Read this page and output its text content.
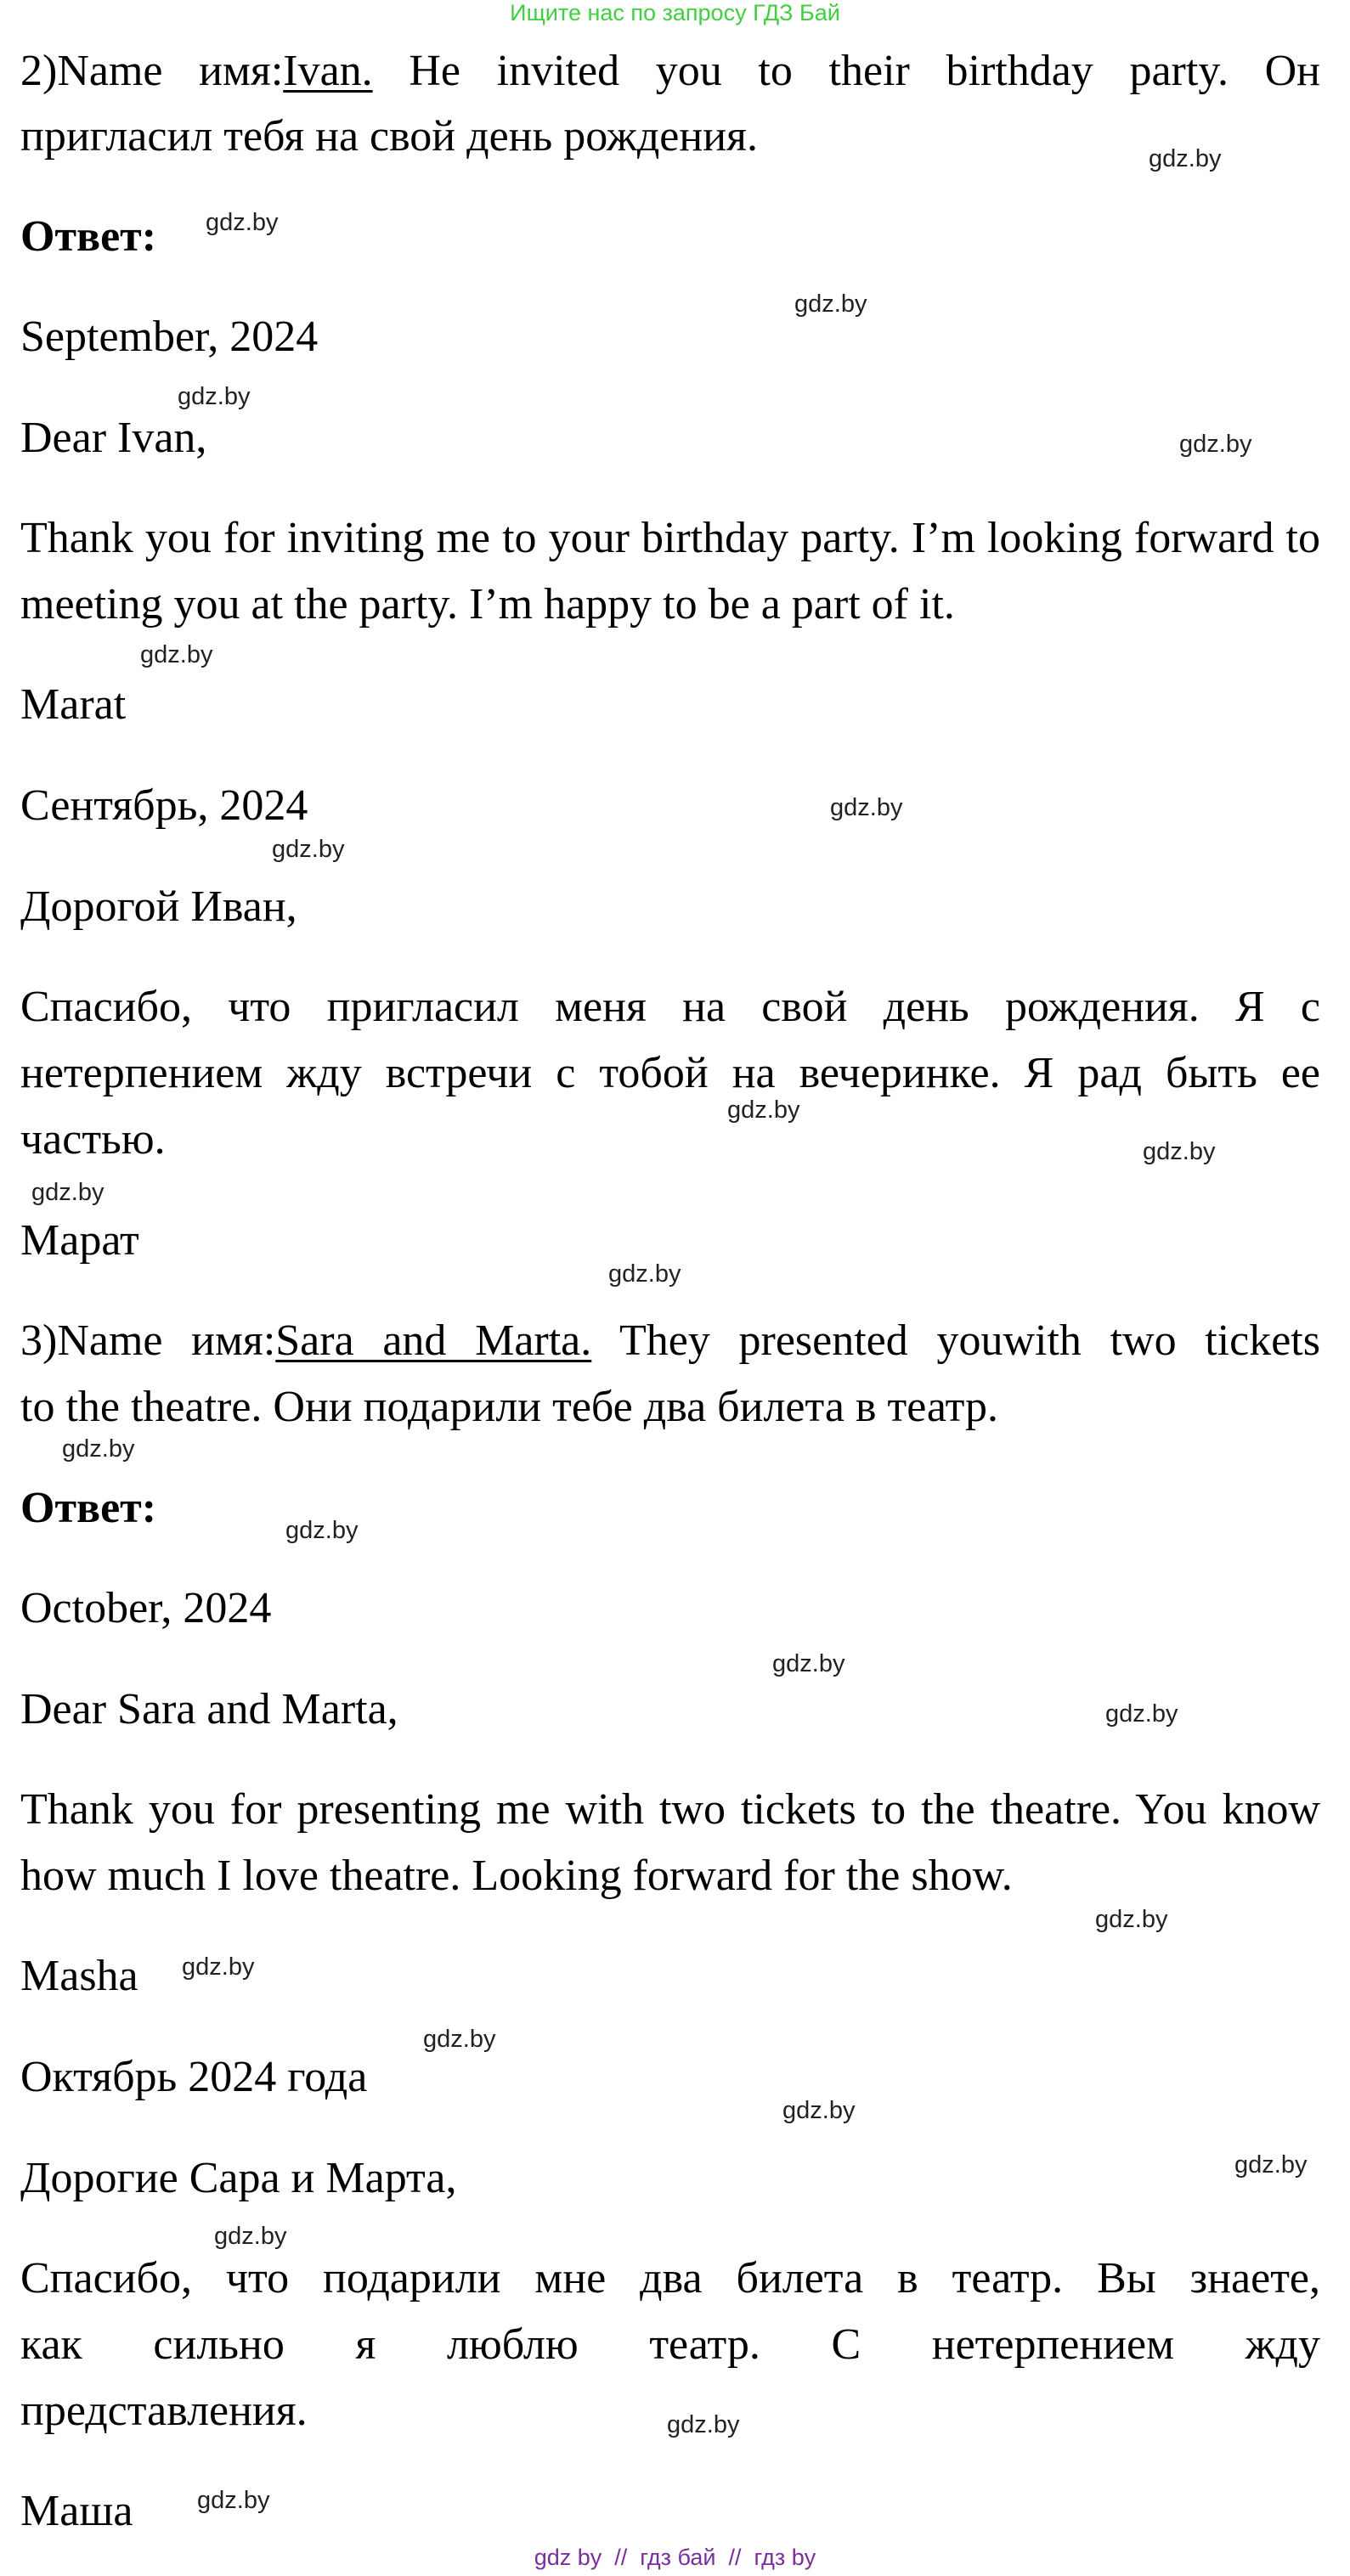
Ищите нас по запросу ГДЗ Бай
2)Name имя:Ivan. He invited you to their birthday party. Он
пригласил тебя на свой день рождения.
Ответ:
September, 2024
Dear Ivan,
Thank you for inviting me to your birthday party. I’m looking forward to meeting you at the party. I’m happy to be a part of it.
Marat
Сентябрь, 2024
Дорогой Иван,
Спасибо, что пригласил меня на свой день рождения. Я с нетерпением жду встречи с тобой на вечеринке. Я рад быть ее частью.
Марат
3)Name имя:Sara and Marta. They presented youwith two tickets
to the theatre. Они подарили тебе два билета в театр.
Ответ:
October, 2024
Dear Sara and Marta,
Thank you for presenting me with two tickets to the theatre. You know how much I love theatre. Looking forward for the show.
Masha
Октябрь 2024 года
Дорогие Сара и Марта,
Спасибо, что подарили мне два билета в театр. Вы знаете,
как сильно я люблю театр. С нетерпением жду
представления.
Маша
gdz.by
gdz.by
gdz.by
gdz.by
gdz.by
gdz.by
gdz.by
gdz.by
gdz.by
gdz.by
gdz.by
gdz.by
gdz.by
gdz.by
gdz.by
gdz.by
gdz.by
gdz.by
gdz.by
gdz.by
gdz.by
gdz.by
gdz.by
gdz.by
gdz by  //  гдз бай  //  гдз by
